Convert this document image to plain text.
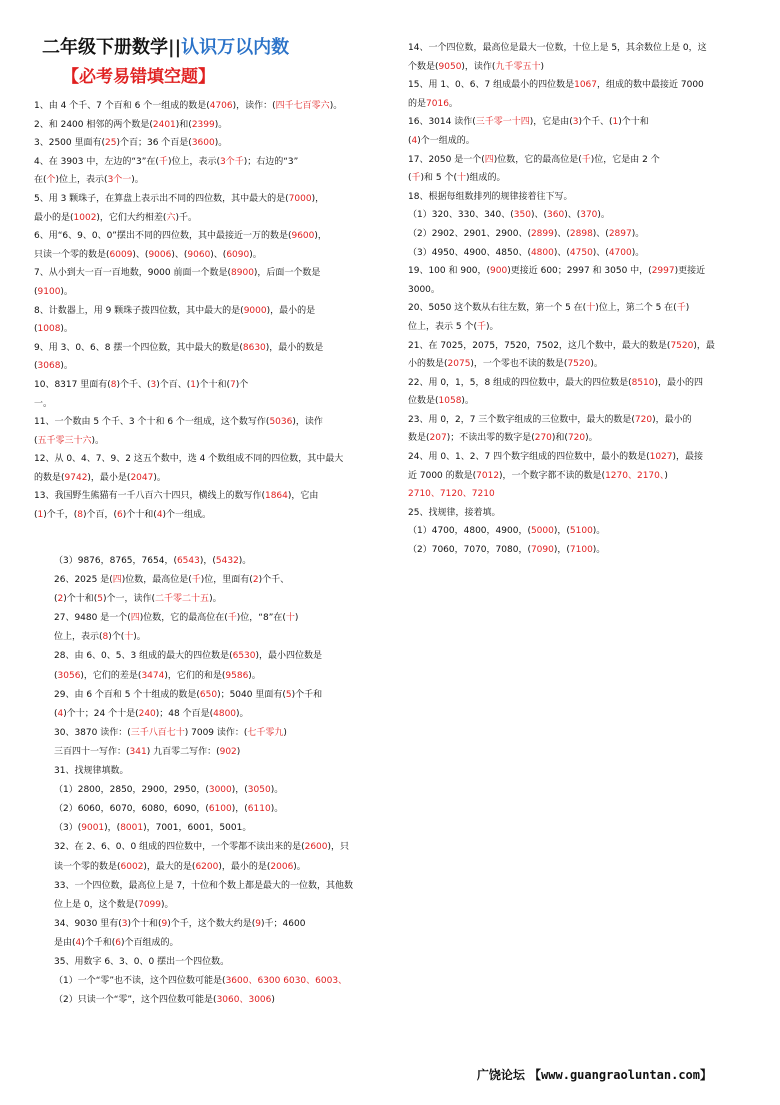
二年级下册数学||认识万以内数
【必考易错填空题】
1、由 4 个千、7 个百和 6 个一组成的数是(4706)，读作：(四千七百零六)。
2、和 2400 相邻的两个数是(2401)和(2399)。
3、2500 里面有(25)个百；36 个百是(3600)。
4、在 3903 中，左边的“3”在(千)位上，表示(3个千)；右边的“3”
在(个)位上，表示(3个一)。
5、用 3 颗珠子，在算盘上表示出不同的四位数，其中最大的是(7000)，
最小的是(1002)，它们大约相差(六)千。
6、用“6、9、0、0”摆出不同的四位数，其中最接近一万的数是(9600)，
只读一个零的数是(6009)、(9006)、(9060)、(6090)。
7、从小到大一百一百地数，9000 前面一个数是(8900)，后面一个数是
(9100)。
8、计数器上，用 9 颗珠子拨四位数，其中最大的是(9000)，最小的是
(1008)。
9、用 3、0、6、8 摆一个四位数，其中最大的数是(8630)，最小的数是
(3068)。
10、8317 里面有(8)个千、(3)个百、(1)个十和(7)个
一。
11、一个数由 5 个千、3 个十和 6 个一组成，这个数写作(5036)，读作
(五千零三十六)。
12、从 0、4、7、9、2 这五个数中，选 4 个数组成不同的四位数，其中最大
的数是(9742)，最小是(2047)。
13、我国野生熊猫有一千八百六十四只，横线上的数写作(1864)，它由
(1)个千，(8)个百，(6)个十和(4)个一组成。
14、一个四位数，最高位是最大一位数，十位上是 5，其余数位上是 0，这
个数是(9050)，读作(九千零五十)
15、用 1、0、6、7 组成最小的四位数是1067，组成的数中最接近 7000
的是7016。
16、3014 读作(三千零一十四)，它是由(3)个千、(1)个十和
(4)个一组成的。
17、2050 是一个(四)位数，它的最高位是(千)位，它是由 2 个
(千)和 5 个(十)组成的。
18、根据每组数排列的规律接着往下写。
（1）320、330、340、(350)、(360)、(370)。
（2）2902、2901、2900、(2899)、(2898)、(2897)。
（3）4950、4900、4850、(4800)、(4750)、(4700)。
19、100 和 900，(900)更接近 600；2997 和 3050 中，(2997)更接近
3000。
20、5050 这个数从右往左数，第一个 5 在(十)位上，第二个 5 在(千)
位上，表示 5 个(千)。
21、在 7025，2075，7520，7502，这几个数中，最大的数是(7520)，最
小的数是(2075)，一个零也不读的数是(7520)。
22、用 0，1，5，8 组成的四位数中，最大的四位数是(8510)，最小的四
位数是(1058)。
23、用 0，2，7 三个数字组成的三位数中，最大的数是(720)，最小的
数是(207)；不读出零的数字是(270)和(720)。
24、用 0、1、2、7 四个数字组成的四位数中，最小的数是(1027)，最接
近 7000 的数是(7012)，一个数字都不读的数是(1270、2170、)
2710、7120、7210
25、找规律，接着填。
（1）4700，4800，4900，(5000)，(5100)。
（2）7060，7070，7080，(7090)，(7100)。
（3）9876，8765，7654，(6543)，(5432)。
26、2025 是(四)位数，最高位是(千)位，里面有(2)个千、
(2)个十和(5)个一，读作(二千零二十五)。
27、9480 是一个(四)位数，它的最高位在(千)位，“8”在(十)
位上，表示(8)个(十)。
28、由 6、0、5、3 组成的最大的四位数是(6530)，最小四位数是
(3056)，它们的差是(3474)，它们的和是(9586)。
29、由 6 个百和 5 个十组成的数是(650)；5040 里面有(5)个千和
(4)个十；24 个十是(240)；48 个百是(4800)。
30、3870 读作：(三千八百七十) 7009 读作：(七千零九)
三百四十一写作：(341) 九百零二写作：(902)
31、找规律填数。
（1）2800，2850，2900，2950，(3000)，(3050)。
（2）6060，6070，6080，6090，(6100)，(6110)。
（3）(9001)，(8001)，7001，6001，5001。
32、在 2、6、0、0 组成的四位数中，一个零都不读出来的是(2600)，只
读一个零的数是(6002)，最大的是(6200)，最小的是(2006)。
33、一个四位数，最高位上是 7，十位和个数上都是最大的一位数，其他数
位上是 0，这个数是(7099)。
34、9030 里有(3)个十和(9)个千，这个数大约是(9)千；4600
是由(4)个千和(6)个百组成的。
35、用数字 6、3、0、0 摆出一个四位数。
（1）一个“零”也不读，这个四位数可能是(3600、6300 6030、6003、
（2）只读一个“零”，这个四位数可能是(3060、3006)
广饶论坛 【www.guangraoluntan.com】
